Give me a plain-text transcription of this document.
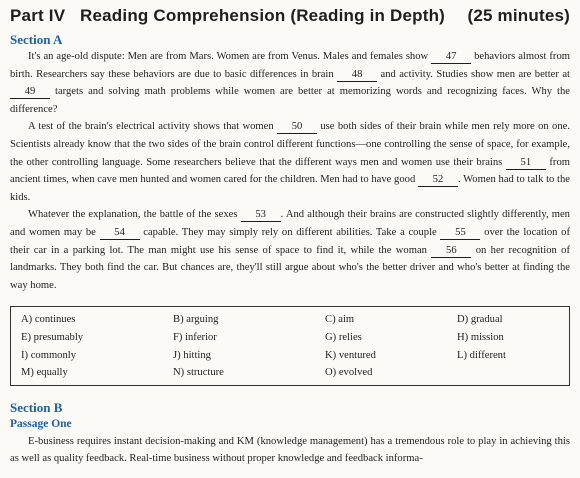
Part IV   Reading Comprehension (Reading in Depth) (25 minutes)
Section A

It's an age-old dispute: Men are from Mars. Women are from Venus. Males and females show 47 behaviors almost from birth. Researchers say these behaviors are due to basic differences in brain 48 and activity. Studies show men are better at 49 targets and solving math problems while women are better at memorizing words and recognizing faces. Why the difference?

A test of the brain's electrical activity shows that women 50 use both sides of their brain while men rely more on one. Scientists already know that the two sides of the brain control different functions—one controlling the sense of space, for example, the other controlling language. Some researchers believe that the different ways men and women use their brains 51 from ancient times, when cave men hunted and women cared for the children. Men had to have good 52 . Women had to talk to the kids.

Whatever the explanation, the battle of the sexes 53 . And although their brains are constructed slightly differently, men and women may be 54 capable. They may simply rely on different abilities. Take a couple 55 over the location of their car in a parking lot. The man might use his sense of space to find it, while the woman 56 on her recognition of landmarks. They both find the car. But chances are, they'll still argue about who's the better driver and who's better at finding the way home.

A) continues	B) arguing	C) aim	D) gradual
E) presumably	F) inferior	G) relies	H) mission
I) commonly	J) hitting	K) ventured	L) different
M) equally	N) structure	O) evolved
Section B
Passage One

E-business requires instant decision-making and KM (knowledge management) has a tremendous role to play in achieving this as well as quality feedback. Real-time business without proper knowledge and feedback informa-
